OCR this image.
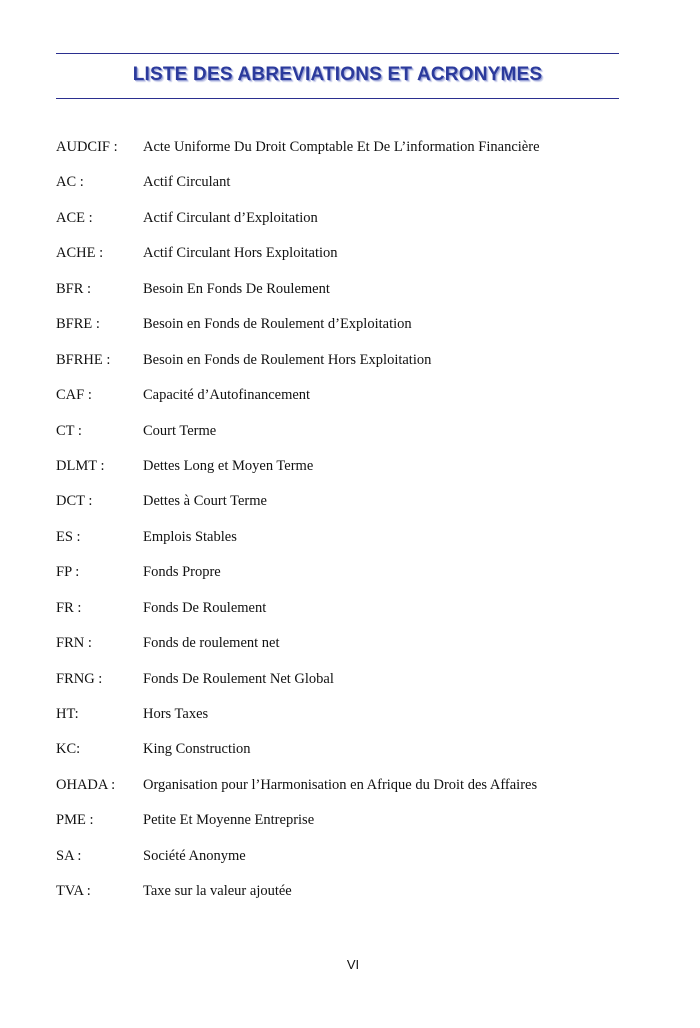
LISTE DES ABREVIATIONS ET ACRONYMES
AUDCIF :	Acte Uniforme Du Droit Comptable Et De L’information Financière
AC :	Actif Circulant
ACE :	Actif Circulant d’Exploitation
ACHE :	Actif Circulant Hors Exploitation
BFR :	Besoin En Fonds De Roulement
BFRE :	Besoin en Fonds de Roulement d’Exploitation
BFRHE :	Besoin en Fonds de Roulement Hors Exploitation
CAF :	Capacité d’Autofinancement
CT :	Court Terme
DLMT :	Dettes Long et Moyen Terme
DCT :	Dettes à Court Terme
ES :	Emplois Stables
FP :	Fonds Propre
FR :	Fonds De Roulement
FRN :	Fonds de roulement net
FRNG :	Fonds De Roulement Net Global
HT:	Hors Taxes
KC:	King Construction
OHADA :	Organisation pour l’Harmonisation en Afrique du Droit des Affaires
PME :	Petite Et Moyenne Entreprise
SA :	Société Anonyme
TVA :	Taxe sur la valeur ajoutée
VI
